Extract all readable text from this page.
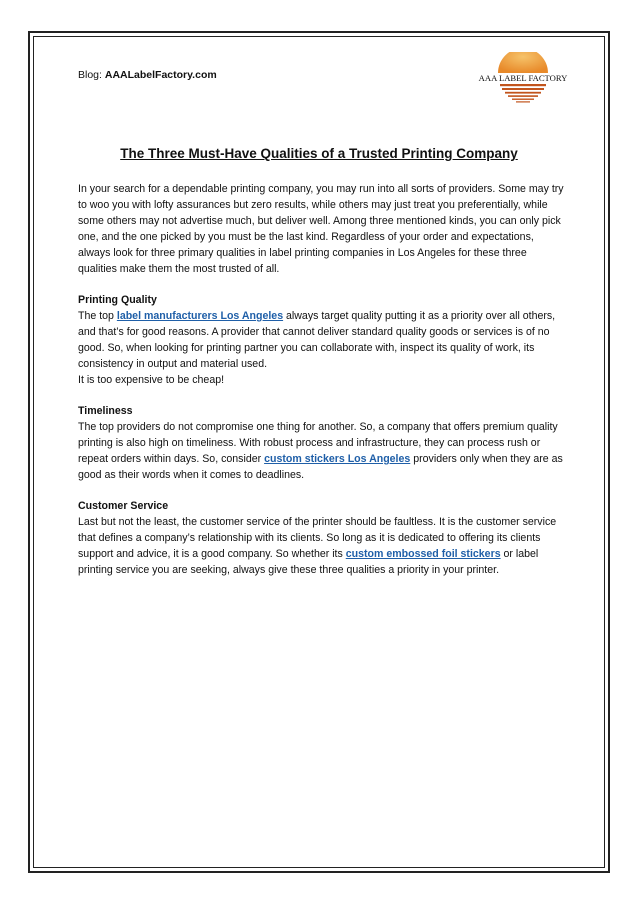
Blog: AAALabelFactory.com	AAA LABEL FACTORY
The Three Must-Have Qualities of a Trusted Printing Company

In your search for a dependable printing company, you may run into all sorts of providers. Some may try to woo you with lofty assurances but zero results, while others may just treat you preferentially, while some others may not advertise much, but deliver well. Among three mentioned kinds, you can only pick one, and the one picked by you must be the last kind. Regardless of your order and expectations, always look for three primary qualities in label printing companies in Los Angeles for these three qualities make them the most trusted of all.

Printing Quality

The top label manufacturers Los Angeles always target quality putting it as a priority over all others, and that’s for good reasons. A provider that cannot deliver standard quality goods or services is of no good. So, when looking for printing partner you can collaborate with, inspect its quality of work, its consistency in output and material used.

It is too expensive to be cheap!

Timeliness

The top providers do not compromise one thing for another. So, a company that offers premium quality printing is also high on timeliness. With robust process and infrastructure, they can process rush or repeat orders within days. So, consider custom stickers Los Angeles providers only when they are as good as their words when it comes to deadlines.

Customer Service

Last but not the least, the customer service of the printer should be faultless. It is the customer service that defines a company’s relationship with its clients. So long as it is dedicated to offering its clients support and advice, it is a good company. So whether its custom embossed foil stickers or label printing service you are seeking, always give these three qualities a priority in your printer.
